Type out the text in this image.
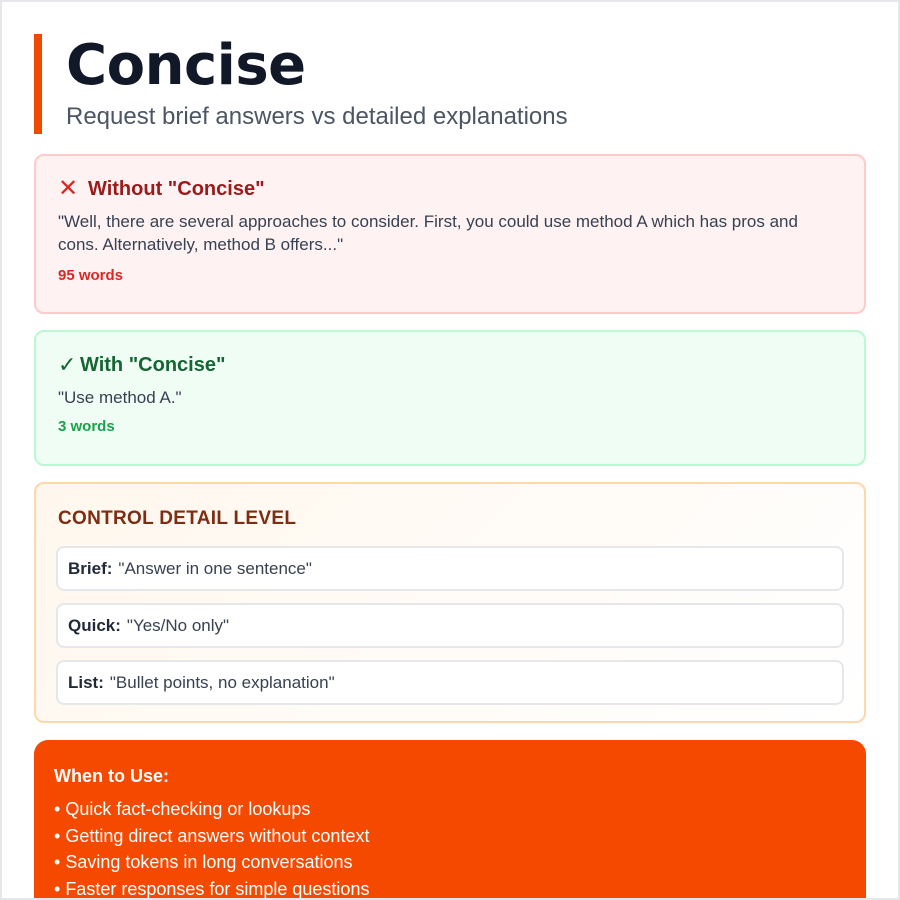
Concise

Request brief answers vs detailed explanations

✕ Without "Concise"

"Well, there are several approaches to consider. First, you could use method A which has pros and cons. Alternatively, method B offers..."

95 words

✓ With "Concise"

"Use method A."

3 words

CONTROL DETAIL LEVEL
Brief: "Answer in one sentence"
Quick: "Yes/No only"
List: "Bullet points, no explanation"
When to Use:
• Quick fact-checking or lookups
• Getting direct answers without context
• Saving tokens in long conversations
• Faster responses for simple questions
